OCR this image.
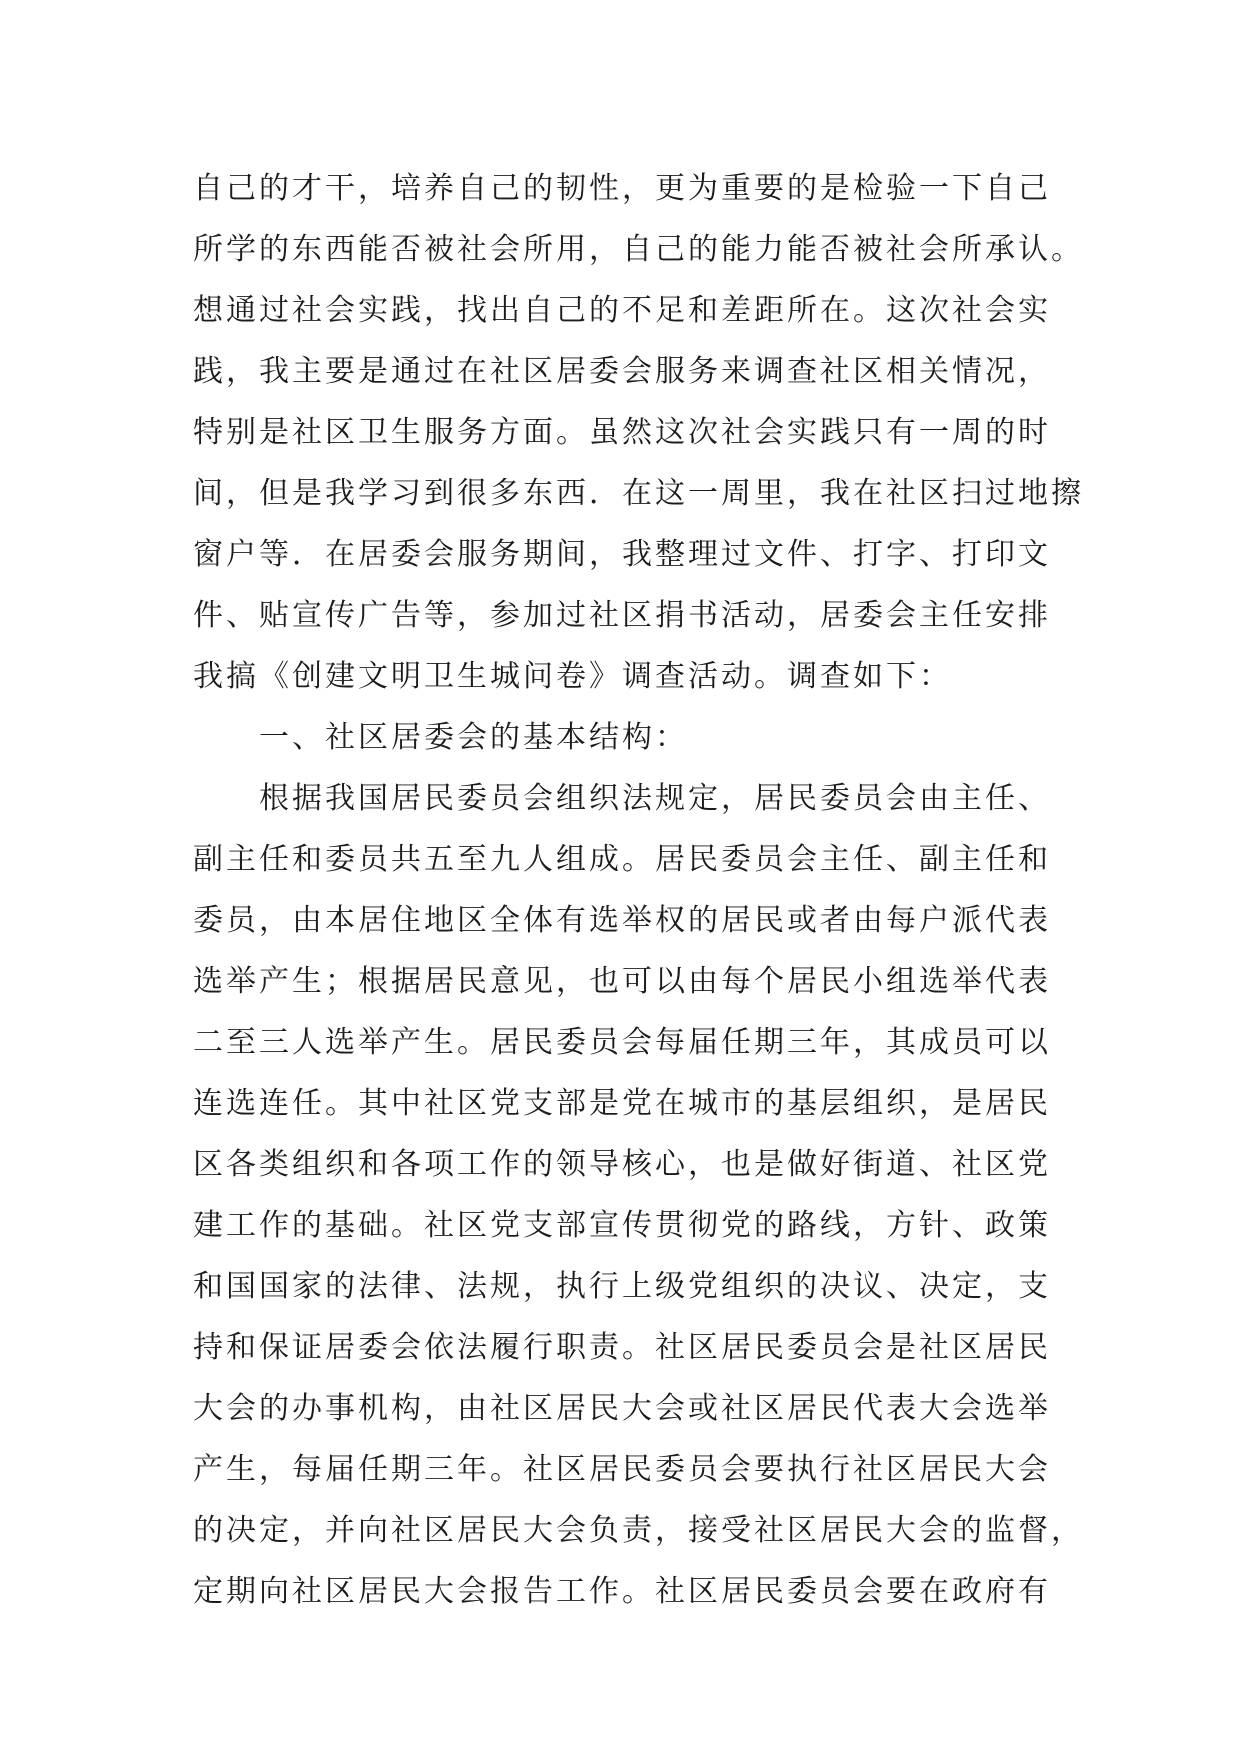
自己的才干，培养自己的韧性，更为重要的是检验一下自己
所学的东西能否被社会所用，自己的能力能否被社会所承认。
想通过社会实践，找出自己的不足和差距所在。这次社会实
践，我主要是通过在社区居委会服务来调查社区相关情况，
特别是社区卫生服务方面。虽然这次社会实践只有一周的时
间，但是我学习到很多东西．在这一周里，我在社区扫过地擦
窗户等．在居委会服务期间，我整理过文件、打字、打印文
件、贴宣传广告等，参加过社区捐书活动，居委会主任安排
我搞《创建文明卫生城问卷》调查活动。调查如下：
一、社区居委会的基本结构：
根据我国居民委员会组织法规定，居民委员会由主任、
副主任和委员共五至九人组成。居民委员会主任、副主任和
委员，由本居住地区全体有选举权的居民或者由每户派代表
选举产生；根据居民意见，也可以由每个居民小组选举代表
二至三人选举产生。居民委员会每届任期三年，其成员可以
连选连任。其中社区党支部是党在城市的基层组织，是居民
区各类组织和各项工作的领导核心，也是做好街道、社区党
建工作的基础。社区党支部宣传贯彻党的路线，方针、政策
和国国家的法律、法规，执行上级党组织的决议、决定，支
持和保证居委会依法履行职责。社区居民委员会是社区居民
大会的办事机构，由社区居民大会或社区居民代表大会选举
产生，每届任期三年。社区居民委员会要执行社区居民大会
的决定，并向社区居民大会负责，接受社区居民大会的监督，
定期向社区居民大会报告工作。社区居民委员会要在政府有
